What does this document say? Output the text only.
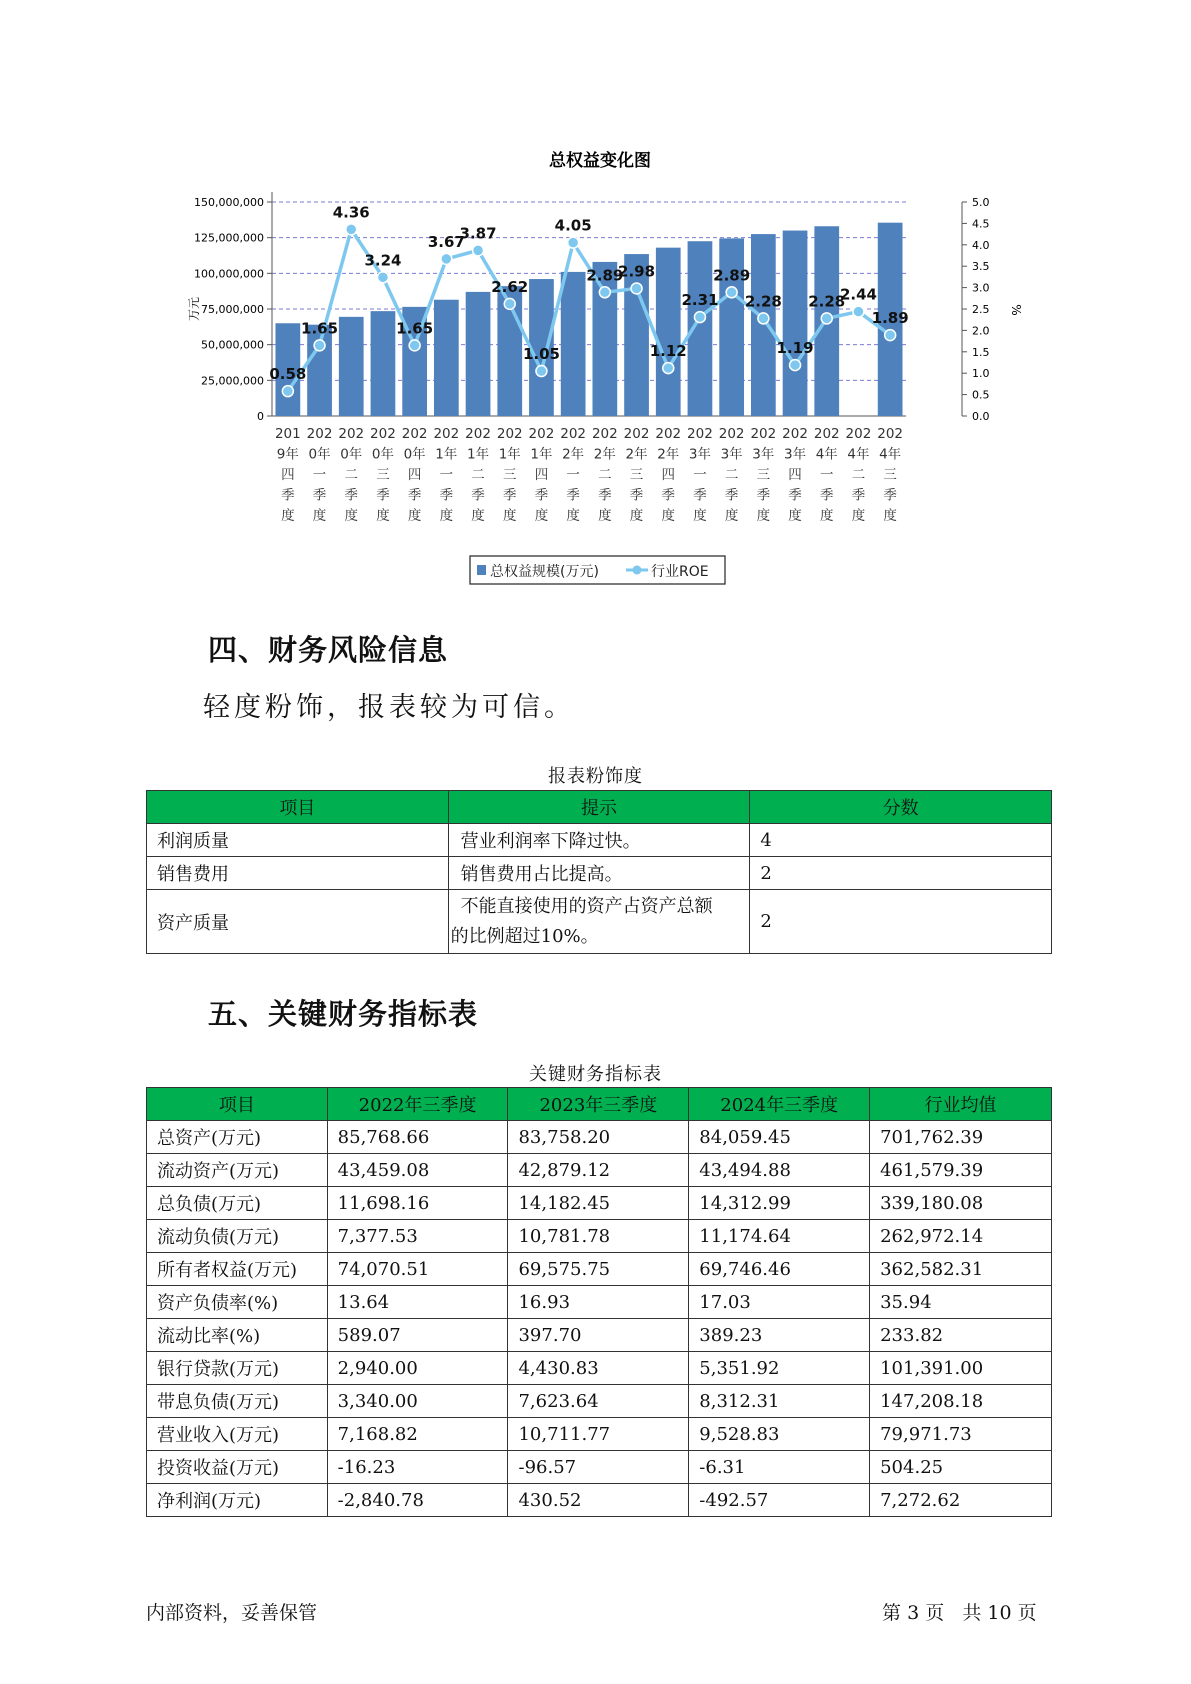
总权益变化图
0
25,000,000
50,000,000
75,000,000
100,000,000
125,000,000
150,000,000
万元
0.0
0.5
1.0
1.5
2.0
2.5
3.0
3.5
4.0
4.5
5.0
%
0.58
1.65
4.36
3.24
1.65
3.67
3.87
2.62
1.05
4.05
2.89
2.98
1.12
2.31
2.89
2.28
1.19
2.28
2.44
1.89
201
9年
四
季
度
202
0年
一
季
度
202
0年
二
季
度
202
0年
三
季
度
202
0年
四
季
度
202
1年
一
季
度
202
1年
二
季
度
202
1年
三
季
度
202
1年
四
季
度
202
2年
一
季
度
202
2年
二
季
度
202
2年
三
季
度
202
2年
四
季
度
202
3年
一
季
度
202
3年
二
季
度
202
3年
三
季
度
202
3年
四
季
度
202
4年
一
季
度
202
4年
二
季
度
202
4年
三
季
度
总权益规模(万元)	行业ROE
四、财务风险信息
轻度粉饰，报表较为可信。
报表粉饰度
项目	提示	分数
利润质量	营业利润率下降过快。	4
销售费用	销售费用占比提高。	2
资产质量	不能直接使用的资产占资产总额
的比例超过10%。	2
五、关键财务指标表
关键财务指标表
项目	2022年三季度	2023年三季度	2024年三季度	行业均值
总资产(万元)	85,768.66	83,758.20	84,059.45	701,762.39
流动资产(万元)	43,459.08	42,879.12	43,494.88	461,579.39
总负债(万元)	11,698.16	14,182.45	14,312.99	339,180.08
流动负债(万元)	7,377.53	10,781.78	11,174.64	262,972.14
所有者权益(万元)	74,070.51	69,575.75	69,746.46	362,582.31
资产负债率(%)	13.64	16.93	17.03	35.94
流动比率(%)	589.07	397.70	389.23	233.82
银行贷款(万元)	2,940.00	4,430.83	5,351.92	101,391.00
带息负债(万元)	3,340.00	7,623.64	8,312.31	147,208.18
营业收入(万元)	7,168.82	10,711.77	9,528.83	79,971.73
投资收益(万元)	-16.23	-96.57	-6.31	504.25
净利润(万元)	-2,840.78	430.52	-492.57	7,272.62
内部资料，妥善保管	第 3 页 共 10 页
